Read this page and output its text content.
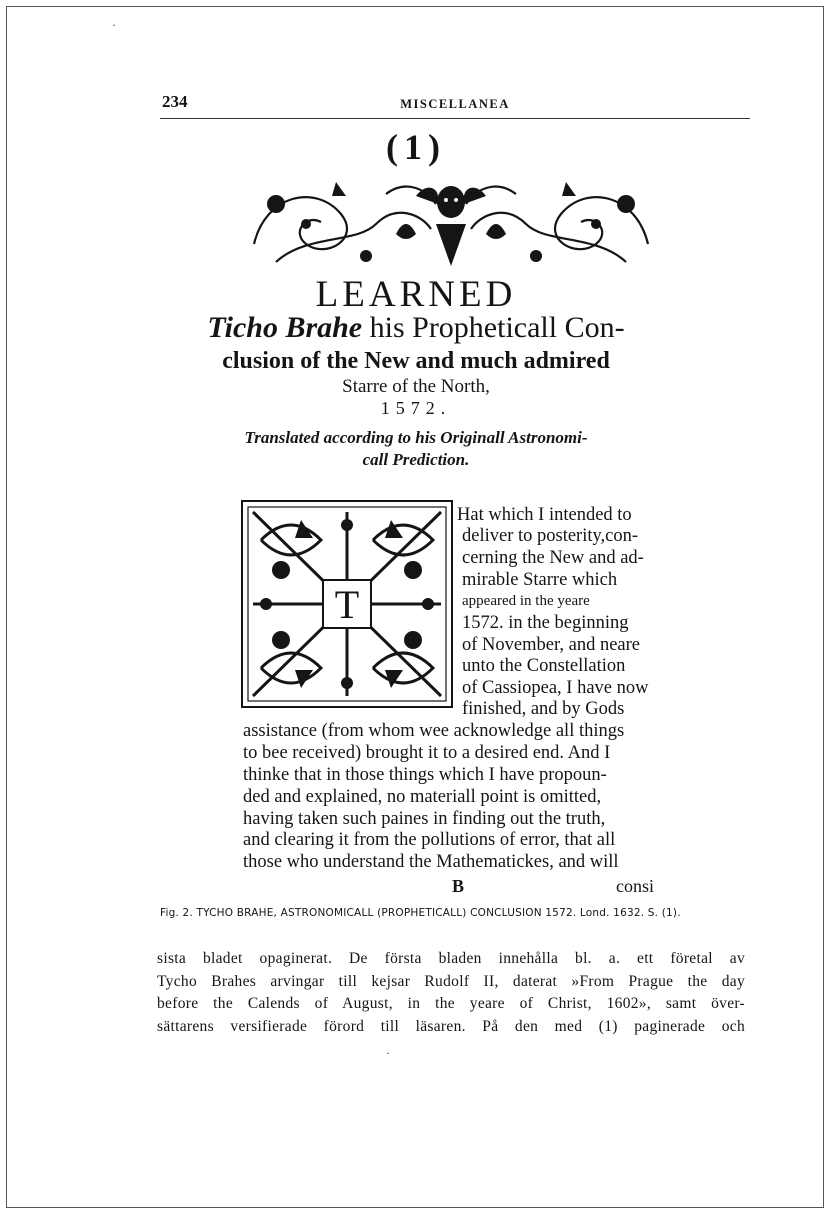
·
·
234	MISCELLANEA
(1)
LEARNED
Ticho Brahe his Propheticall Con-
clusion of the New and much admired
Starre of the North,
1572.
Translated according to his Originall Astronomi-
call Prediction.
T
Hat which I intended to
deliver to posterity,con-
cerning the New and ad-
mirable Starre which
appeared in the yeare
1572. in the beginning
of November, and neare
unto the Constellation
of Cassiopea, I have now
finished, and by Gods
assistance (from whom wee acknowledge all things
to bee received) brought it to a desired end. And I
thinke that in those things which I have propoun-
ded and explained, no materiall point is omitted,
having taken such paines in finding out the truth,
and clearing it from the pollutions of error, that all
those who understand the Mathematickes, and will
B	consi
Fig. 2. TYCHO BRAHE, ASTRONOMICALL (PROPHETICALL) CONCLUSION 1572. Lond. 1632. S. (1).
sista bladet opaginerat. De första bladen innehålla bl. a. ett företal av
Tycho Brahes arvingar till kejsar Rudolf II, daterat »From Prague the day
before the Calends of August, in the yeare of Christ, 1602», samt över-
sättarens versifierade förord till läsaren. På den med (1) paginerade och
